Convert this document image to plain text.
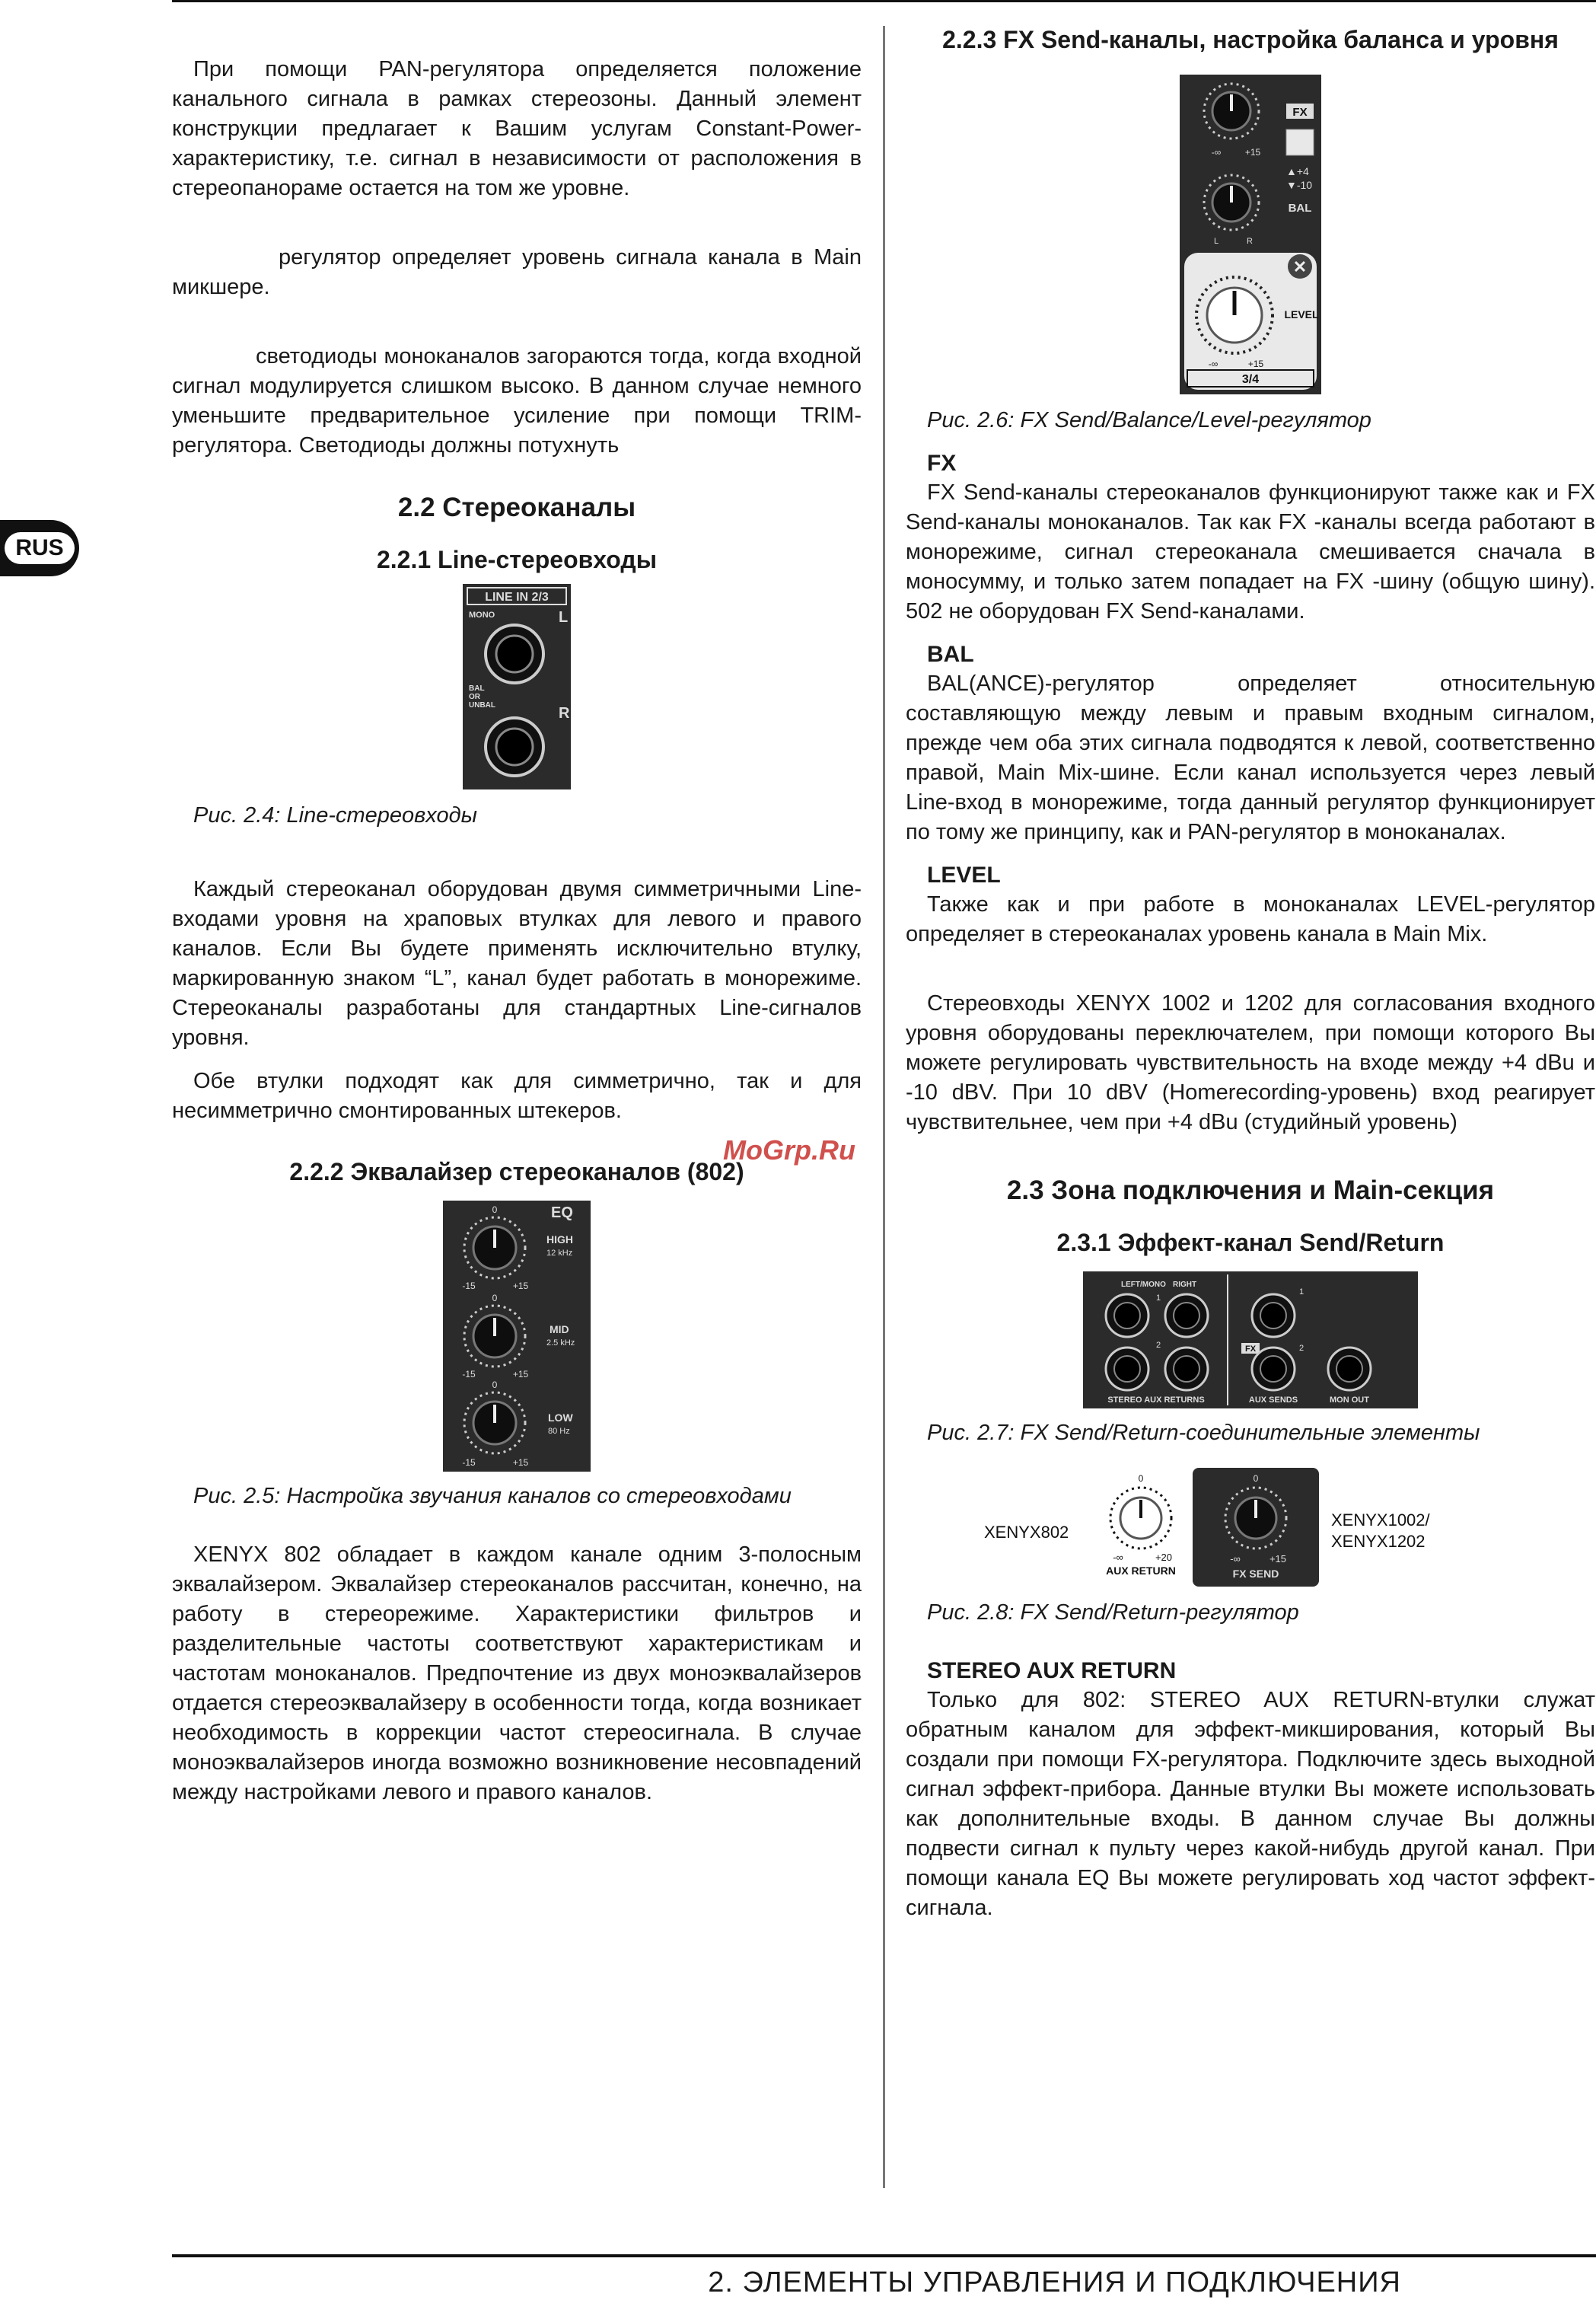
RUS

При помощи PAN-регулятора определяется положение канального сигнала в рамках стереозоны. Данный элемент конструкции предлагает к Вашим услугам Constant-Power-характеристику, т.е. сигнал в независимости от расположения в стереопанораме остается на том же уровне.

регулятор определяет уровень сигнала канала в Main микшере.

светодиоды моноканалов загораются тогда, когда входной сигнал модулируется слишком высоко. В данном случае немного уменьшите предварительное усиление при помощи TRIM-регулятора. Светодиоды должны потухнуть

2.2 Стереоканалы
2.2.1 Line-стереовходы
LINE IN 2/3
MONO	L
BAL
OR
UNBAL	R

Рис. 2.4: Line-стереовходы

Каждый стереоканал оборудован двумя симметричными Line-входами уровня на храповых втулках для левого и правого каналов. Если Вы будете применять исключительно втулку, маркированную знаком “L”, канал будет работать в монорежиме. Стереоканалы разработаны для стандартных Line-сигналов уровня.

Обе втулки подходят как для симметрично, так и для несимметрично смонтированных штекеров.

2.2.2 Эквалайзер стереоканалов (802)
EQ
0
-15	+15
HIGH
12 kHz
0
-15	+15
MID
2.5 kHz
0
-15	+15
LOW
80 Hz

Рис. 2.5: Настройка звучания каналов со стереовходами

XENYX 802 обладает в каждом канале одним 3-полосным эквалайзером. Эквалайзер стереоканалов рассчитан, конечно, на работу в стереорежиме. Характеристики фильтров и разделительные частоты соответствуют характеристикам и частотам моноканалов. Предпочтение из двух моноэквалайзеров отдается стереоэквалайзеру в особенности тогда, когда возникает необходимость в коррекции частот стереосигнала. В случае моноэквалайзеров иногда возможно возникновение несовпадений между настройками левого и правого каналов.

MoGrp.Ru
2.2.3 FX Send-каналы, настройка баланса и уровня
-∞	+15
FX
▲+4
▼-10
L	R
BAL
✕
LEVEL
-∞	+15
3/4

Рис. 2.6: FX Send/Balance/Level-регулятор

FX

FX Send-каналы стереоканалов функционируют также как и FX Send-каналы моноканалов. Так как FX -каналы всегда работают в монорежиме, сигнал стереоканала смешивается сначала в моносумму, и только затем попадает на FX -шину (общую шину). 502 не оборудован FX Send-каналами.

BAL

BAL(ANCE)-регулятор определяет относительную составляющую между левым и правым входным сигналом, прежде чем оба этих сигнала подводятся к левой, соответственно правой, Main Mix-шине. Если канал используется через левый Line-вход в монорежиме, тогда данный регулятор функционирует по тому же принципу, как и PAN-регулятор в моноканалах.

LEVEL

Также как и при работе в моноканалах LEVEL-регулятор определяет в стереоканалах уровень канала в Main Mix.

Стереовходы XENYX 1002 и 1202 для согласования входного уровня оборудованы переключателем, при помощи которого Вы можете регулировать чувствительность на входе между +4 dBu и -10 dBV. При 10 dBV (Homerecording-уровень) вход реагирует чувствительнее, чем при +4 dBu (студийный уровень)

2.3 Зона подключения и Main-секция
2.3.1 Эффект-канал Send/Return
LEFT/MONO RIGHT
1
2
STEREO AUX RETURNS
1
2
FX
AUX SENDS	MON OUT

Рис. 2.7: FX Send/Return-соединительные элементы

XENYX802
0
-∞	+20
AUX RETURN
0
-∞	+15
FX SEND
XENYX1002/
XENYX1202

Рис. 2.8: FX Send/Return-регулятор

STEREO AUX RETURN

Только для 802: STEREO AUX RETURN-втулки служат обратным каналом для эффект-микширования, который Вы создали при помощи FX-регулятора. Подключите здесь выходной сигнал эффект-прибора. Данные втулки Вы можете использовать как дополнительные входы. В данном случае Вы должны подвести сигнал к пульту через какой-нибудь другой канал. При помощи канала EQ Вы можете регулировать ход частот эффект-сигнала.

2. ЭЛЕМЕНТЫ УПРАВЛЕНИЯ И ПОДКЛЮЧЕНИЯ
